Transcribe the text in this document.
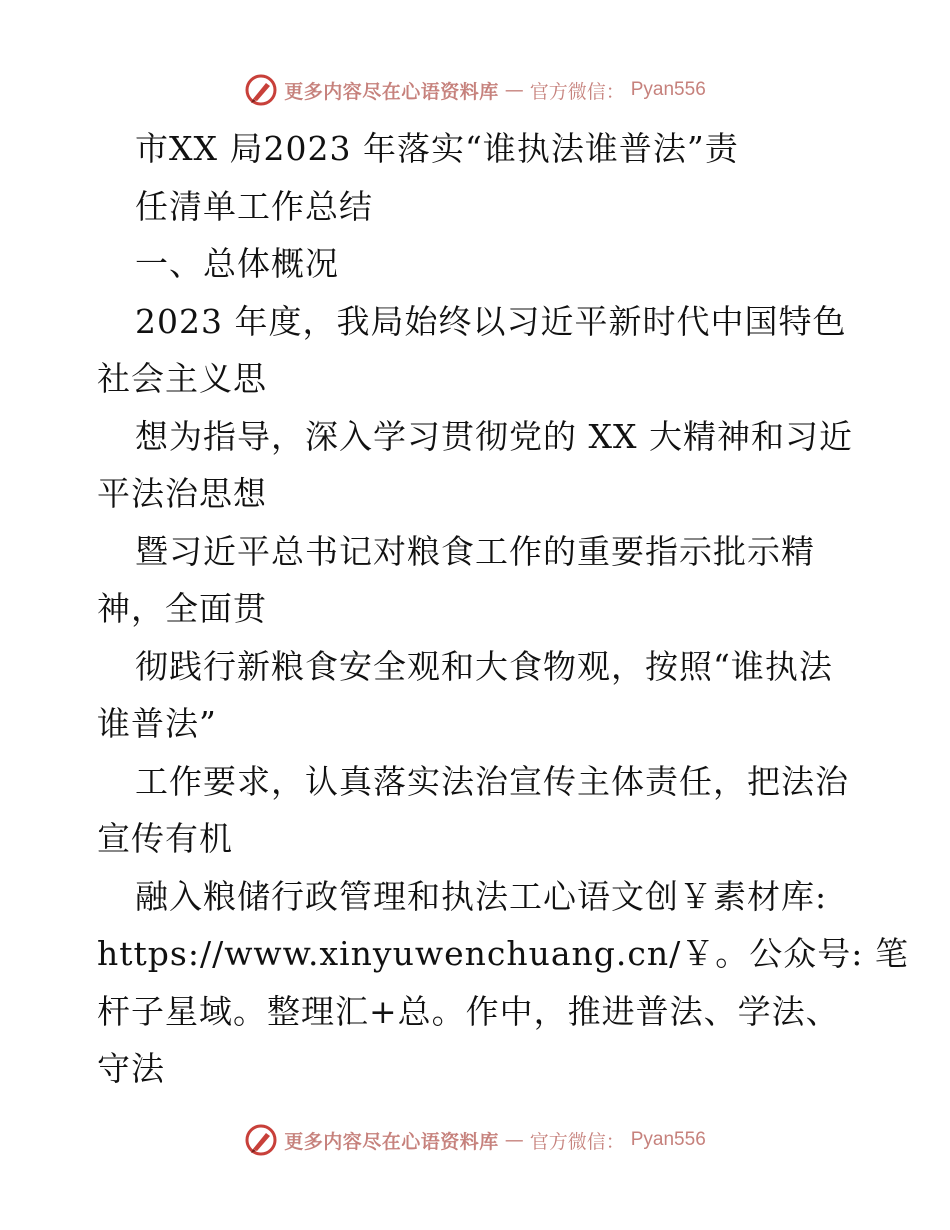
更多内容尽在心语资料库 — 官方微信： Pyan556
市XX 局2023 年落实“谁执法谁普法”责
任清单工作总结
一、总体概况
2023 年度，我局始终以习近平新时代中国特色
社会主义思
想为指导，深入学习贯彻党的 XX 大精神和习近
平法治思想
暨习近平总书记对粮食工作的重要指示批示精
神，全面贯
彻践行新粮食安全观和大食物观，按照“谁执法
谁普法”
工作要求，认真落实法治宣传主体责任，把法治
宣传有机
融入粮储行政管理和执法工心语文创￥素材库:
https://www.xinyuwenchuang.cn/￥。公众号: 笔
杆子星域。整理汇+总。作中，推进普法、学法、
守法
更多内容尽在心语资料库 — 官方微信： Pyan556
